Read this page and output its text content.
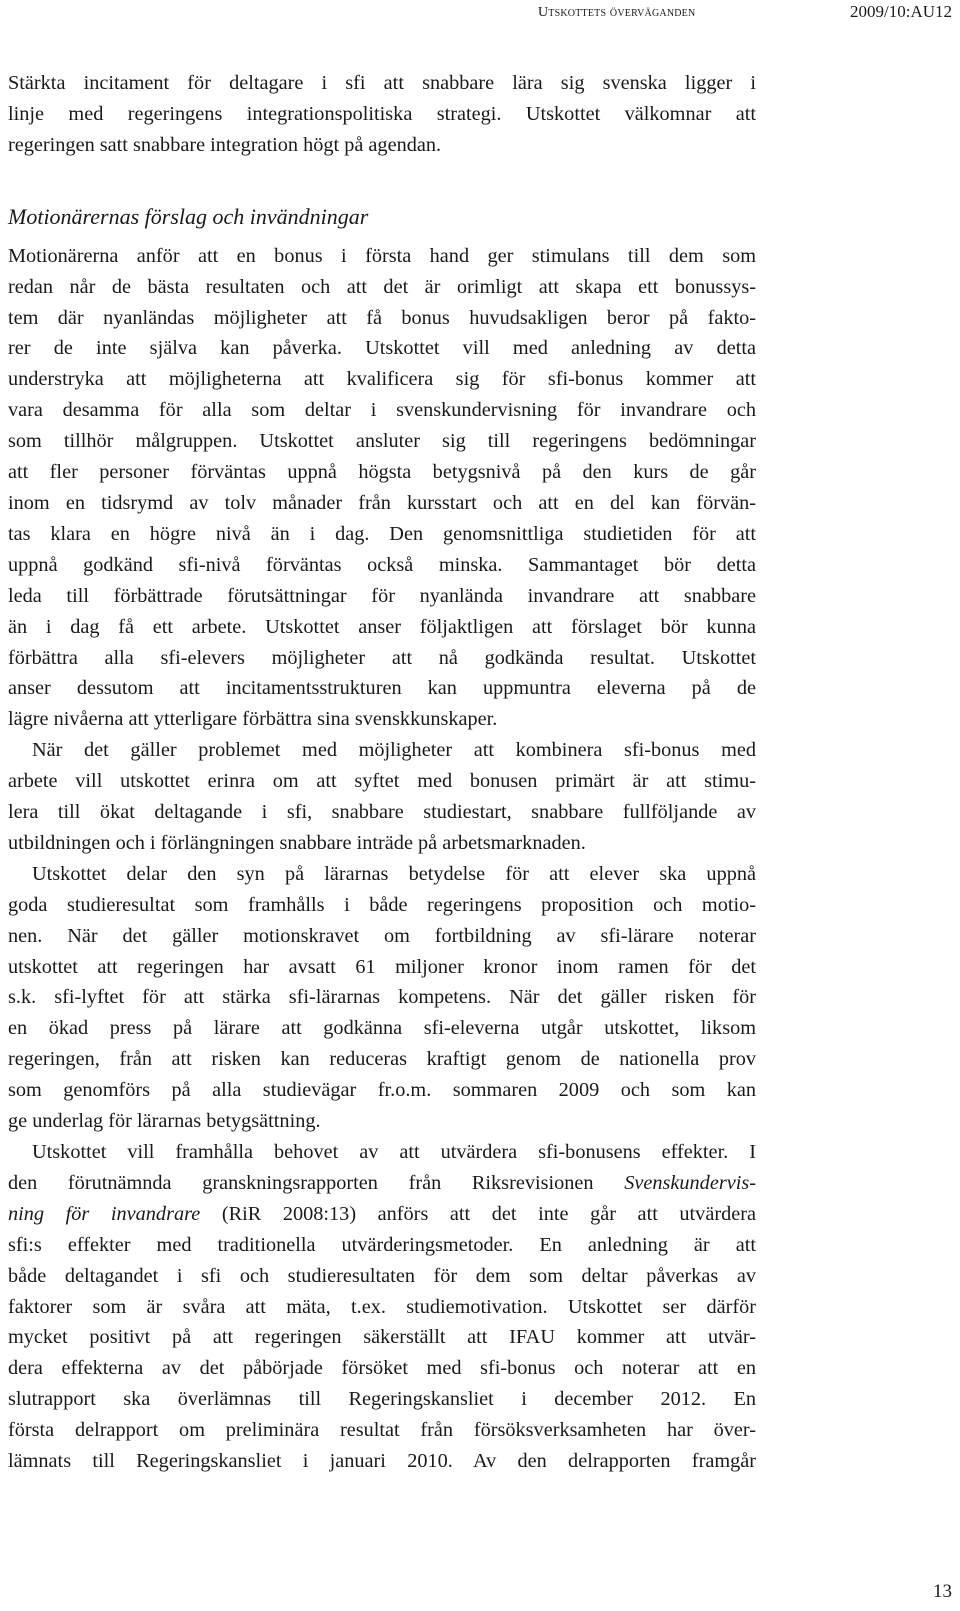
Utskottets överväganden	2009/10:AU12

Stärkta incitament för deltagare i sfi att snabbare lära sig svenska ligger i
linje med regeringens integrationspolitiska strategi. Utskottet välkomnar att
regeringen satt snabbare integration högt på agendan.

Motionärernas förslag och invändningar

Motionärerna anför att en bonus i första hand ger stimulans till dem som
redan når de bästa resultaten och att det är orimligt att skapa ett bonussys-
tem där nyanländas möjligheter att få bonus huvudsakligen beror på fakto-
rer de inte själva kan påverka. Utskottet vill med anledning av detta
understryka att möjligheterna att kvalificera sig för sfi-bonus kommer att
vara desamma för alla som deltar i svenskundervisning för invandrare och
som tillhör målgruppen. Utskottet ansluter sig till regeringens bedömningar
att fler personer förväntas uppnå högsta betygsnivå på den kurs de går
inom en tidsrymd av tolv månader från kursstart och att en del kan förvän-
tas klara en högre nivå än i dag. Den genomsnittliga studietiden för att
uppnå godkänd sfi-nivå förväntas också minska. Sammantaget bör detta
leda till förbättrade förutsättningar för nyanlända invandrare att snabbare
än i dag få ett arbete. Utskottet anser följaktligen att förslaget bör kunna
förbättra alla sfi-elevers möjligheter att nå godkända resultat. Utskottet
anser dessutom att incitamentsstrukturen kan uppmuntra eleverna på de
lägre nivåerna att ytterligare förbättra sina svenskkunskaper.

När det gäller problemet med möjligheter att kombinera sfi-bonus med

arbete vill utskottet erinra om att syftet med bonusen primärt är att stimu-
lera till ökat deltagande i sfi, snabbare studiestart, snabbare fullföljande av
utbildningen och i förlängningen snabbare inträde på arbetsmarknaden.

Utskottet delar den syn på lärarnas betydelse för att elever ska uppnå

goda studieresultat som framhålls i både regeringens proposition och motio-
nen. När det gäller motionskravet om fortbildning av sfi-lärare noterar
utskottet att regeringen har avsatt 61 miljoner kronor inom ramen för det
s.k. sfi-lyftet för att stärka sfi-lärarnas kompetens. När det gäller risken för
en ökad press på lärare att godkänna sfi-eleverna utgår utskottet, liksom
regeringen, från att risken kan reduceras kraftigt genom de nationella prov
som genomförs på alla studievägar fr.o.m. sommaren 2009 och som kan
ge underlag för lärarnas betygsättning.

Utskottet vill framhålla behovet av att utvärdera sfi-bonusens effekter. I

den förutnämnda granskningsrapporten från Riksrevisionen Svenskundervis-
ning för invandrare (RiR 2008:13) anförs att det inte går att utvärdera
sfi:s effekter med traditionella utvärderingsmetoder. En anledning är att
både deltagandet i sfi och studieresultaten för dem som deltar påverkas av
faktorer som är svåra att mäta, t.ex. studiemotivation. Utskottet ser därför
mycket positivt på att regeringen säkerställt att IFAU kommer att utvär-
dera effekterna av det påbörjade försöket med sfi-bonus och noterar att en
slutrapport ska överlämnas till Regeringskansliet i december 2012. En
första delrapport om preliminära resultat från försöksverksamheten har över-
lämnats till Regeringskansliet i januari 2010. Av den delrapporten framgår

13
